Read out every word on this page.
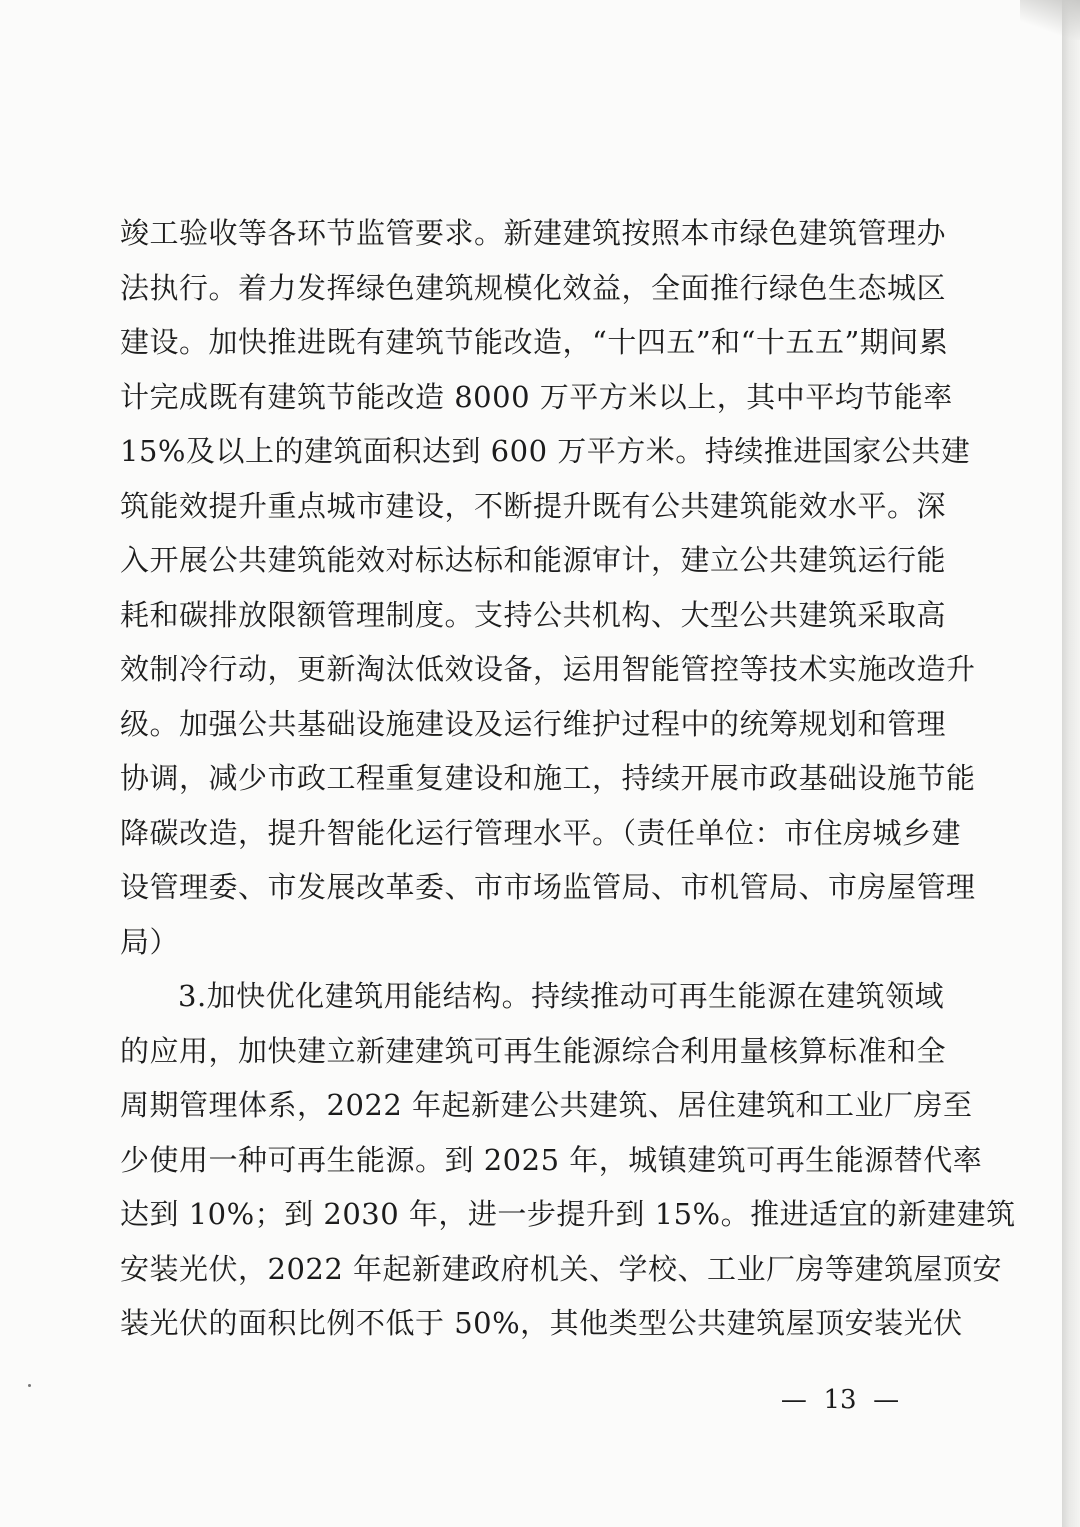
竣工验收等各环节监管要求。新建建筑按照本市绿色建筑管理办
法执行。着力发挥绿色建筑规模化效益，全面推行绿色生态城区
建设。加快推进既有建筑节能改造，“十四五”和“十五五”期间累
计完成既有建筑节能改造 8000 万平方米以上，其中平均节能率
15%及以上的建筑面积达到 600 万平方米。持续推进国家公共建
筑能效提升重点城市建设，不断提升既有公共建筑能效水平。深
入开展公共建筑能效对标达标和能源审计，建立公共建筑运行能
耗和碳排放限额管理制度。支持公共机构、大型公共建筑采取高
效制冷行动，更新淘汰低效设备，运用智能管控等技术实施改造升
级。加强公共基础设施建设及运行维护过程中的统筹规划和管理
协调，减少市政工程重复建设和施工，持续开展市政基础设施节能
降碳改造，提升智能化运行管理水平。（责任单位：市住房城乡建
设管理委、市发展改革委、市市场监管局、市机管局、市房屋管理
局）
3.加快优化建筑用能结构。持续推动可再生能源在建筑领域
的应用，加快建立新建建筑可再生能源综合利用量核算标准和全
周期管理体系，2022 年起新建公共建筑、居住建筑和工业厂房至
少使用一种可再生能源。到 2025 年，城镇建筑可再生能源替代率
达到 10%；到 2030 年，进一步提升到 15%。推进适宜的新建建筑
安装光伏，2022 年起新建政府机关、学校、工业厂房等建筑屋顶安
装光伏的面积比例不低于 50%，其他类型公共建筑屋顶安装光伏
—  13  —
